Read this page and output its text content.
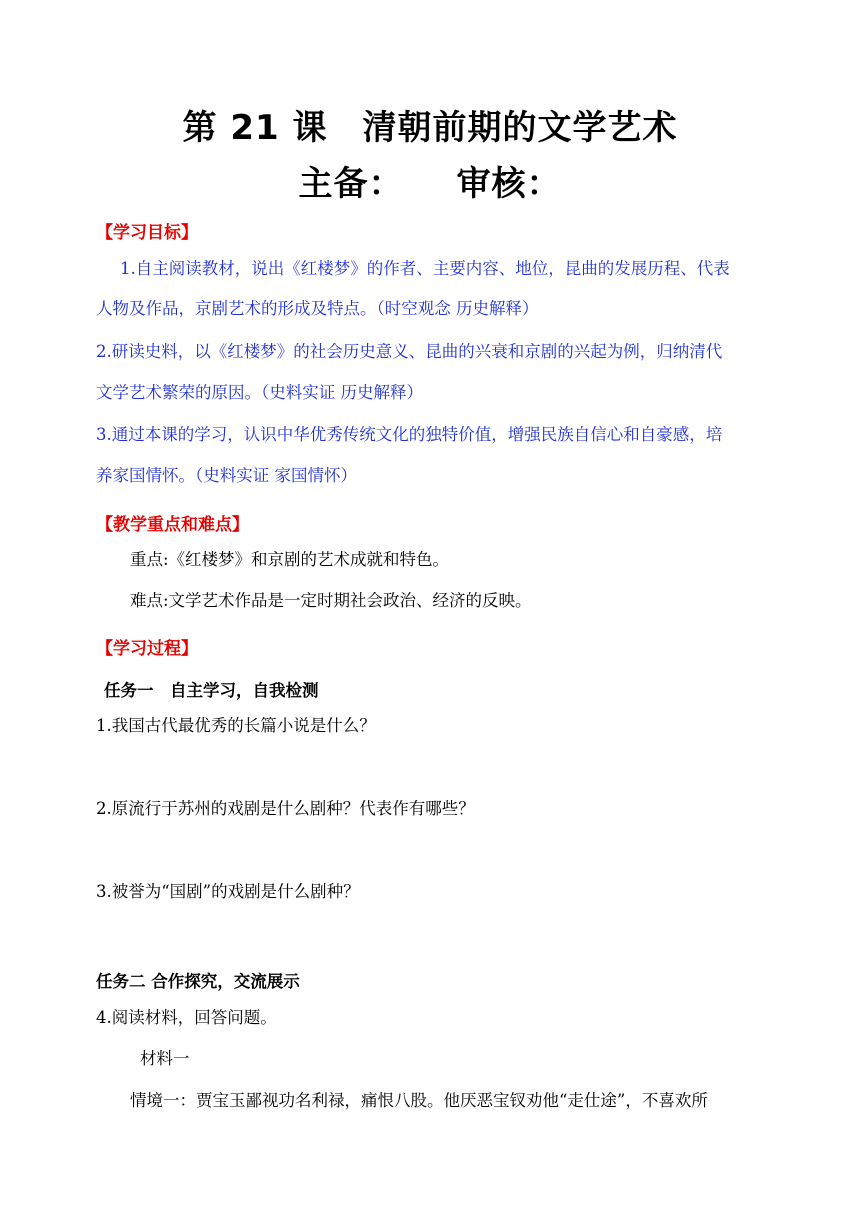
第 21 课　清朝前期的文学艺术
主备：　　审核：
【学习目标】
1.自主阅读教材，说出《红楼梦》的作者、主要内容、地位，昆曲的发展历程、代表
人物及作品，京剧艺术的形成及特点。（时空观念 历史解释）
2.研读史料，以《红楼梦》的社会历史意义、昆曲的兴衰和京剧的兴起为例，归纳清代
文学艺术繁荣的原因。（史料实证 历史解释）
3.通过本课的学习，认识中华优秀传统文化的独特价值，增强民族自信心和自豪感，培
养家国情怀。（史料实证 家国情怀）
【教学重点和难点】
重点:《红楼梦》和京剧的艺术成就和特色。
难点:文学艺术作品是一定时期社会政治、经济的反映。
【学习过程】
任务一　自主学习，自我检测
1.我国古代最优秀的长篇小说是什么？
2.原流行于苏州的戏剧是什么剧种？代表作有哪些？
3.被誉为“国剧”的戏剧是什么剧种？
任务二 合作探究，交流展示
4.阅读材料，回答问题。
材料一
情境一：贾宝玉鄙视功名利禄，痛恨八股。他厌恶宝钗劝他“走仕途”，不喜欢所
